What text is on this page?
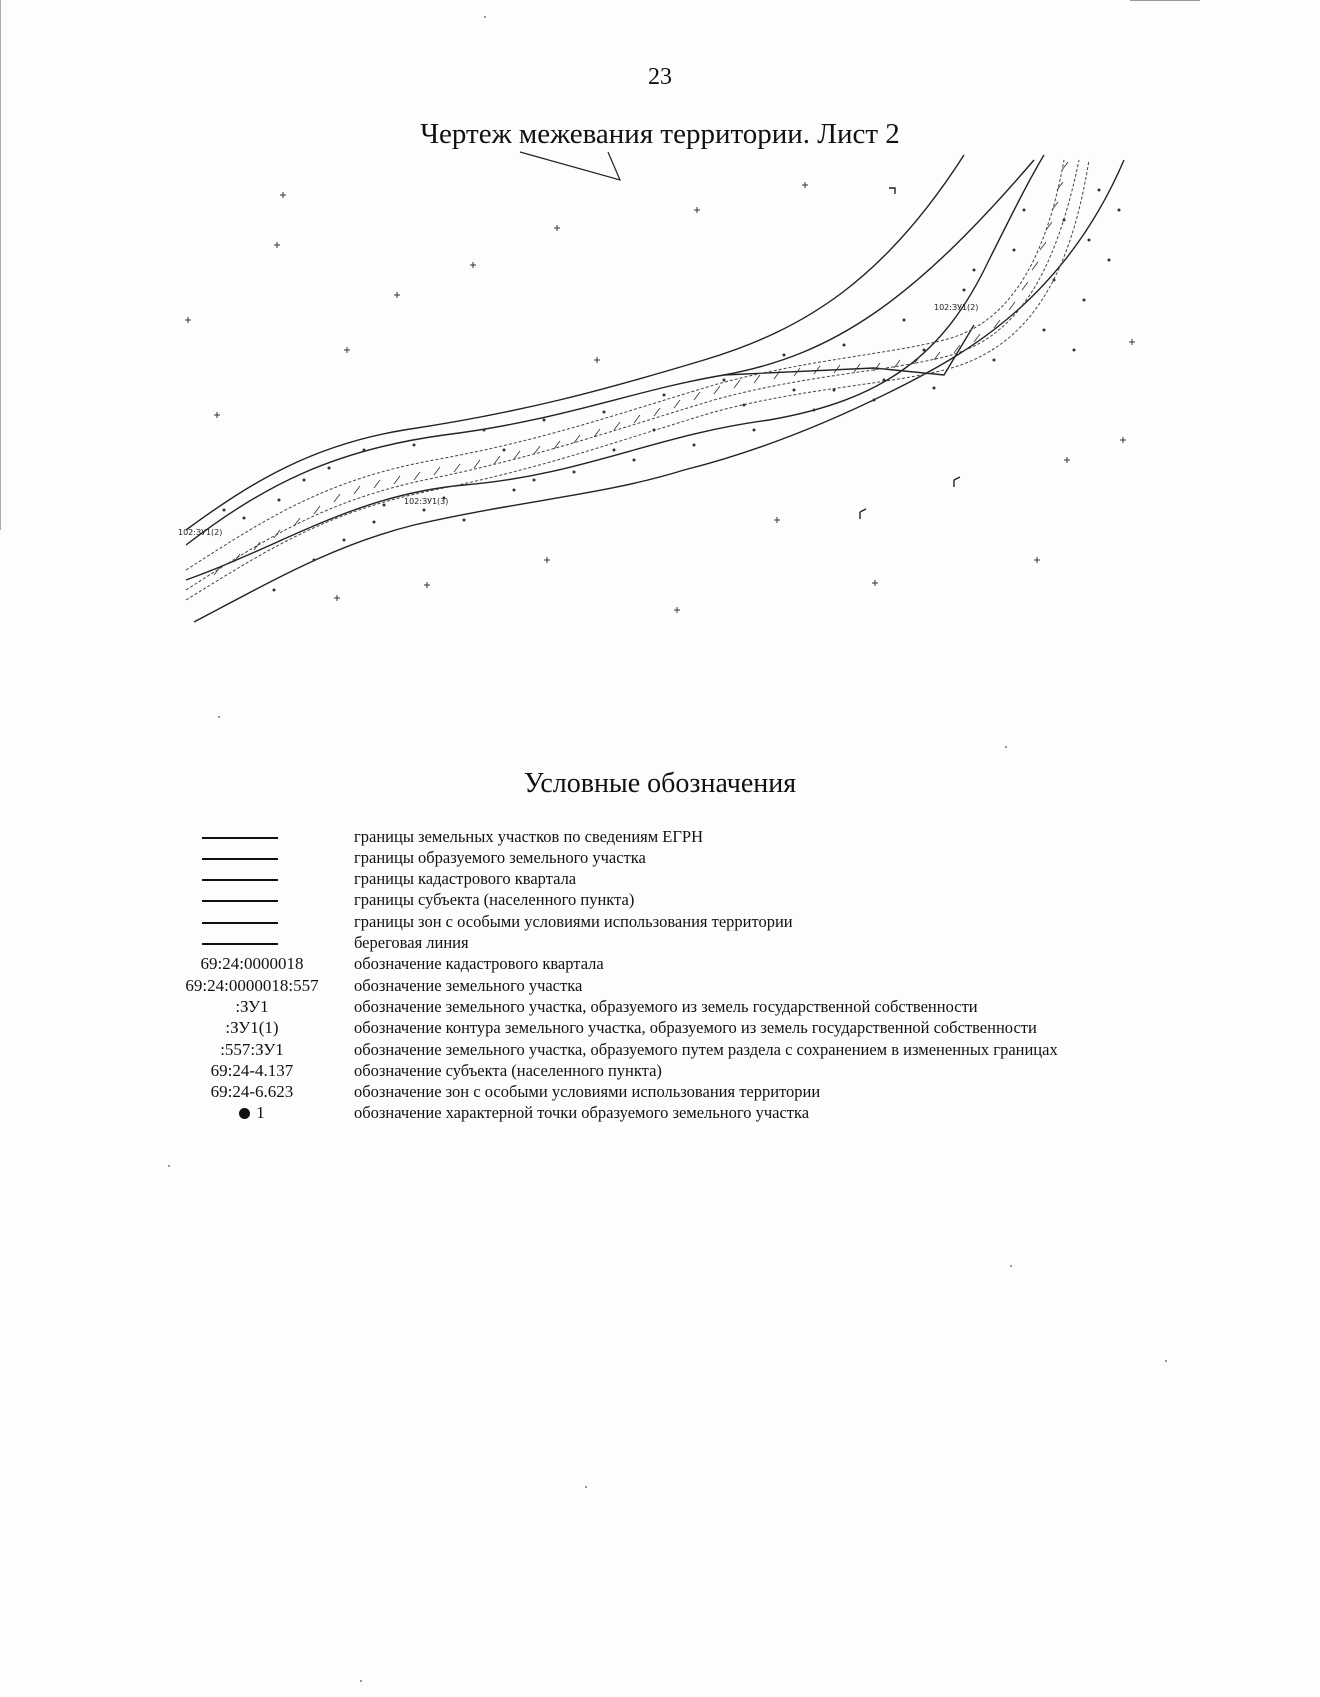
23
Чертеж межевания территории. Лист 2
102:ЗУ1(2)
102:ЗУ1(3)
102:ЗУ1(2)
Условные обозначения
границы земельных участков по сведениям ЕГРН
границы образуемого земельного участка
границы кадастрового квартала
границы субъекта (населенного пункта)
границы зон с особыми условиями использования территории
береговая линия
69:24:0000018	обозначение кадастрового квартала
69:24:0000018:557	обозначение земельного участка
:ЗУ1	обозначение земельного участка, образуемого из земель государственной собственности
:ЗУ1(1)	обозначение контура земельного участка, образуемого из земель государственной собственности
:557:ЗУ1	обозначение земельного участка, образуемого путем раздела с сохранением в измененных границах
69:24-4.137	обозначение субъекта (населенного пункта)
69:24-6.623	обозначение зон с особыми условиями использования территории
1	обозначение характерной точки образуемого земельного участка
